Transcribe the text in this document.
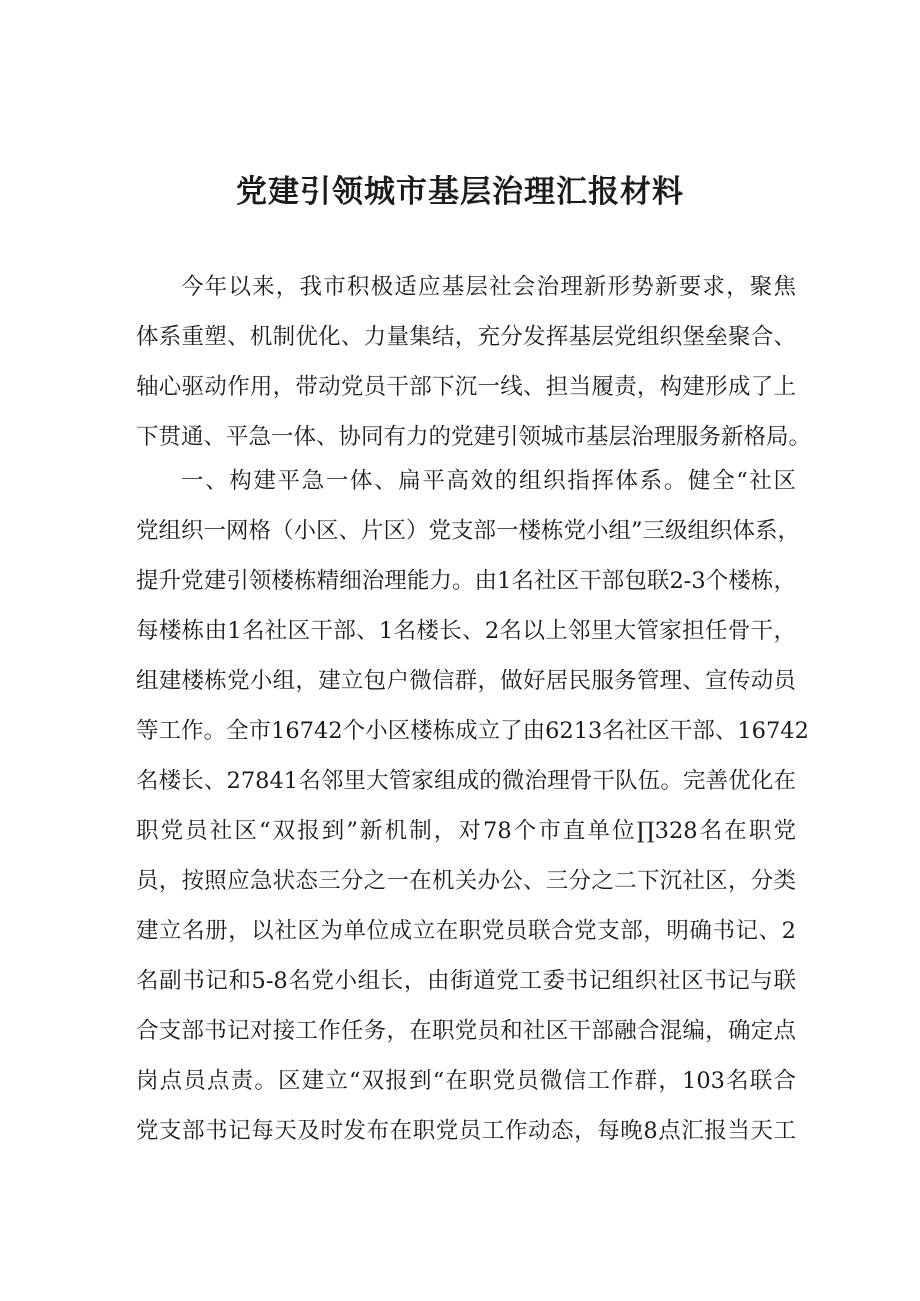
党建引领城市基层治理汇报材料
今年以来，我市积极适应基层社会治理新形势新要求，聚焦
体系重塑、机制优化、力量集结，充分发挥基层党组织堡垒聚合、
轴心驱动作用，带动党员干部下沉一线、担当履责，构建形成了上
下贯通、平急一体、协同有力的党建引领城市基层治理服务新格局。
一、构建平急一体、扁平高效的组织指挥体系。健全“社区
党组织一网格（小区、片区）党支部一楼栋党小组”三级组织体系，
提升党建引领楼栋精细治理能力。由1名社区干部包联2-3个楼栋，
每楼栋由1名社区干部、1名楼长、2名以上邻里大管家担任骨干，
组建楼栋党小组，建立包户微信群，做好居民服务管理、宣传动员
等工作。全市16742个小区楼栋成立了由6213名社区干部、16742
名楼长、27841名邻里大管家组成的微治理骨干队伍。完善优化在
职党员社区“双报到”新机制，对78个市直单位∏328名在职党
员，按照应急状态三分之一在机关办公、三分之二下沉社区，分类
建立名册，以社区为单位成立在职党员联合党支部，明确书记、2
名副书记和5-8名党小组长，由街道党工委书记组织社区书记与联
合支部书记对接工作任务，在职党员和社区干部融合混编，确定点
岗点员点责。区建立“双报到“在职党员微信工作群，103名联合
党支部书记每天及时发布在职党员工作动态，每晚8点汇报当天工
